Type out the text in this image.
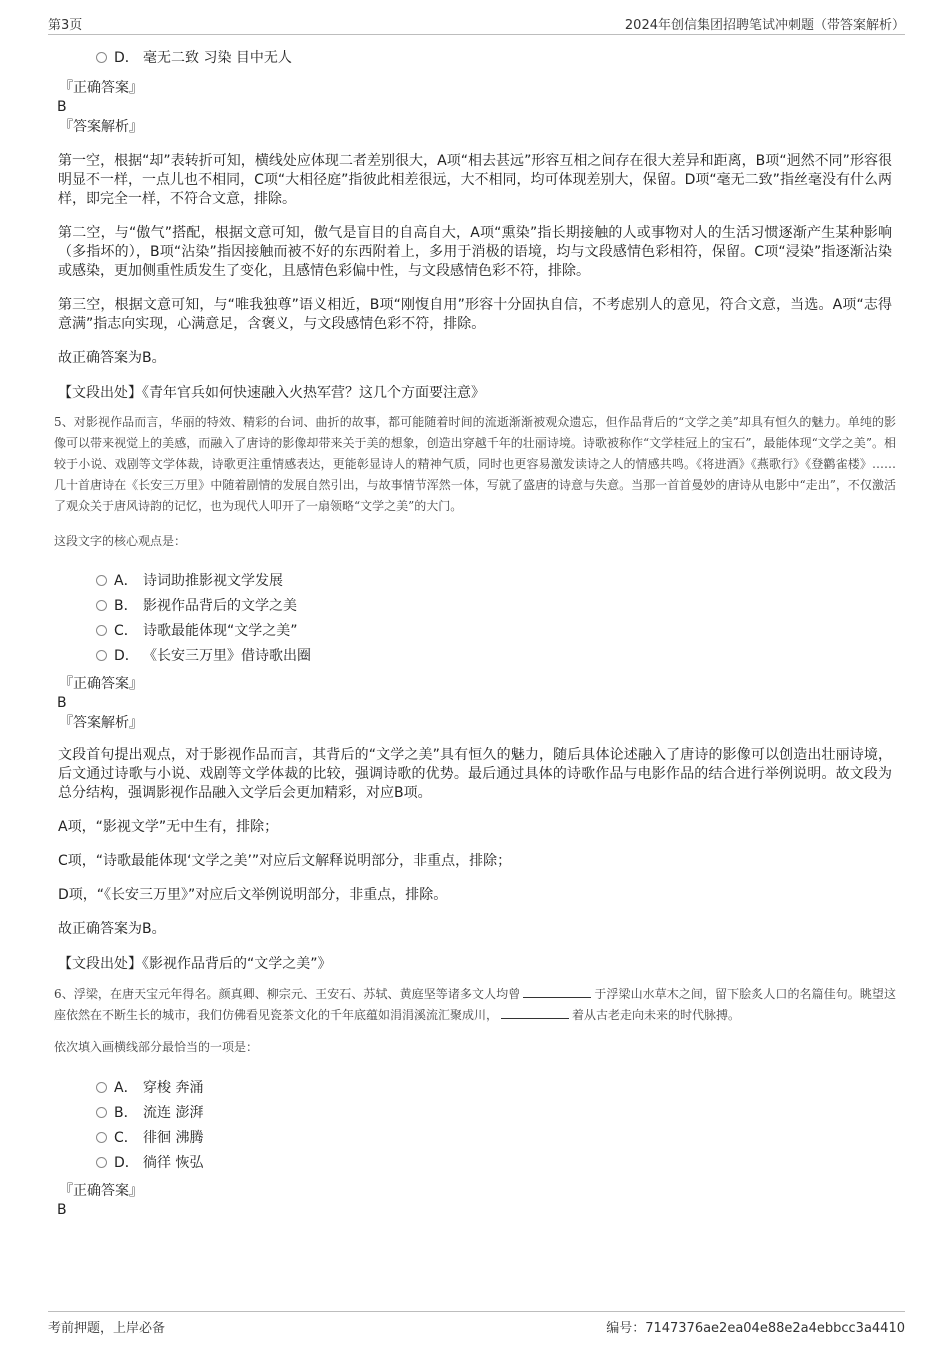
第3页	2024年创信集团招聘笔试冲刺题（带答案解析）
D． 毫无二致 习染 目中无人
『正确答案』
B
『答案解析』

第一空，根据“却”表转折可知，横线处应体现二者差别很大，A项“相去甚远”形容互相之间存在很大差异和距离，B项“迥然不同”形容很明显不一样，一点儿也不相同，C项“大相径庭”指彼此相差很远，大不相同，均可体现差别大，保留。D项“毫无二致”指丝毫没有什么两样，即完全一样，不符合文意，排除。

第二空，与“傲气”搭配，根据文意可知，傲气是盲目的自高自大，A项“熏染”指长期接触的人或事物对人的生活习惯逐渐产生某种影响（多指坏的），B项“沾染”指因接触而被不好的东西附着上，多用于消极的语境，均与文段感情色彩相符，保留。C项“浸染”指逐渐沾染或感染，更加侧重性质发生了变化，且感情色彩偏中性，与文段感情色彩不符，排除。

第三空，根据文意可知，与“唯我独尊”语义相近，B项“刚愎自用”形容十分固执自信，不考虑别人的意见，符合文意，当选。A项“志得意满”指志向实现，心满意足，含褒义，与文段感情色彩不符，排除。

故正确答案为B。

【文段出处】《青年官兵如何快速融入火热军营？这几个方面要注意》

5、对影视作品而言，华丽的特效、精彩的台词、曲折的故事，都可能随着时间的流逝渐渐被观众遗忘，但作品背后的“文学之美”却具有恒久的魅力。单纯的影像可以带来视觉上的美感，而融入了唐诗的影像却带来关于美的想象，创造出穿越千年的壮丽诗境。诗歌被称作“文学桂冠上的宝石”，最能体现“文学之美”。相较于小说、戏剧等文学体裁，诗歌更注重情感表达，更能彰显诗人的精神气质，同时也更容易激发读诗之人的情感共鸣。《将进酒》《燕歌行》《登鹳雀楼》……几十首唐诗在《长安三万里》中随着剧情的发展自然引出，与故事情节浑然一体，写就了盛唐的诗意与失意。当那一首首曼妙的唐诗从电影中“走出”，不仅激活了观众关于唐风诗韵的记忆，也为现代人叩开了一扇领略“文学之美”的大门。

这段文字的核心观点是：
A． 诗词助推影视文学发展
B． 影视作品背后的文学之美
C． 诗歌最能体现“文学之美”
D． 《长安三万里》借诗歌出圈
『正确答案』
B
『答案解析』

文段首句提出观点，对于影视作品而言，其背后的“文学之美”具有恒久的魅力，随后具体论述融入了唐诗的影像可以创造出壮丽诗境，后文通过诗歌与小说、戏剧等文学体裁的比较，强调诗歌的优势。最后通过具体的诗歌作品与电影作品的结合进行举例说明。故文段为总分结构，强调影视作品融入文学后会更加精彩，对应B项。

A项，“影视文学”无中生有，排除；

C项，“诗歌最能体现‘文学之美’”对应后文解释说明部分，非重点，排除；

D项，“《长安三万里》”对应后文举例说明部分，非重点，排除。

故正确答案为B。

【文段出处】《影视作品背后的“文学之美”》

6、浮梁，在唐天宝元年得名。颜真卿、柳宗元、王安石、苏轼、黄庭坚等诸多文人均曾	于浮梁山水草木之间，留下脍炙人口的名篇佳句。眺望这座依然在不断生长的城市，我们仿佛看见瓷茶文化的千年底蕴如涓涓溪流汇聚成川，	着从古老走向未来的时代脉搏。

依次填入画横线部分最恰当的一项是：
A． 穿梭 奔涌
B． 流连 澎湃
C． 徘徊 沸腾
D． 徜徉 恢弘
『正确答案』
B
考前押题，上岸必备	编号：7147376ae2ea04e88e2a4ebbcc3a4410
